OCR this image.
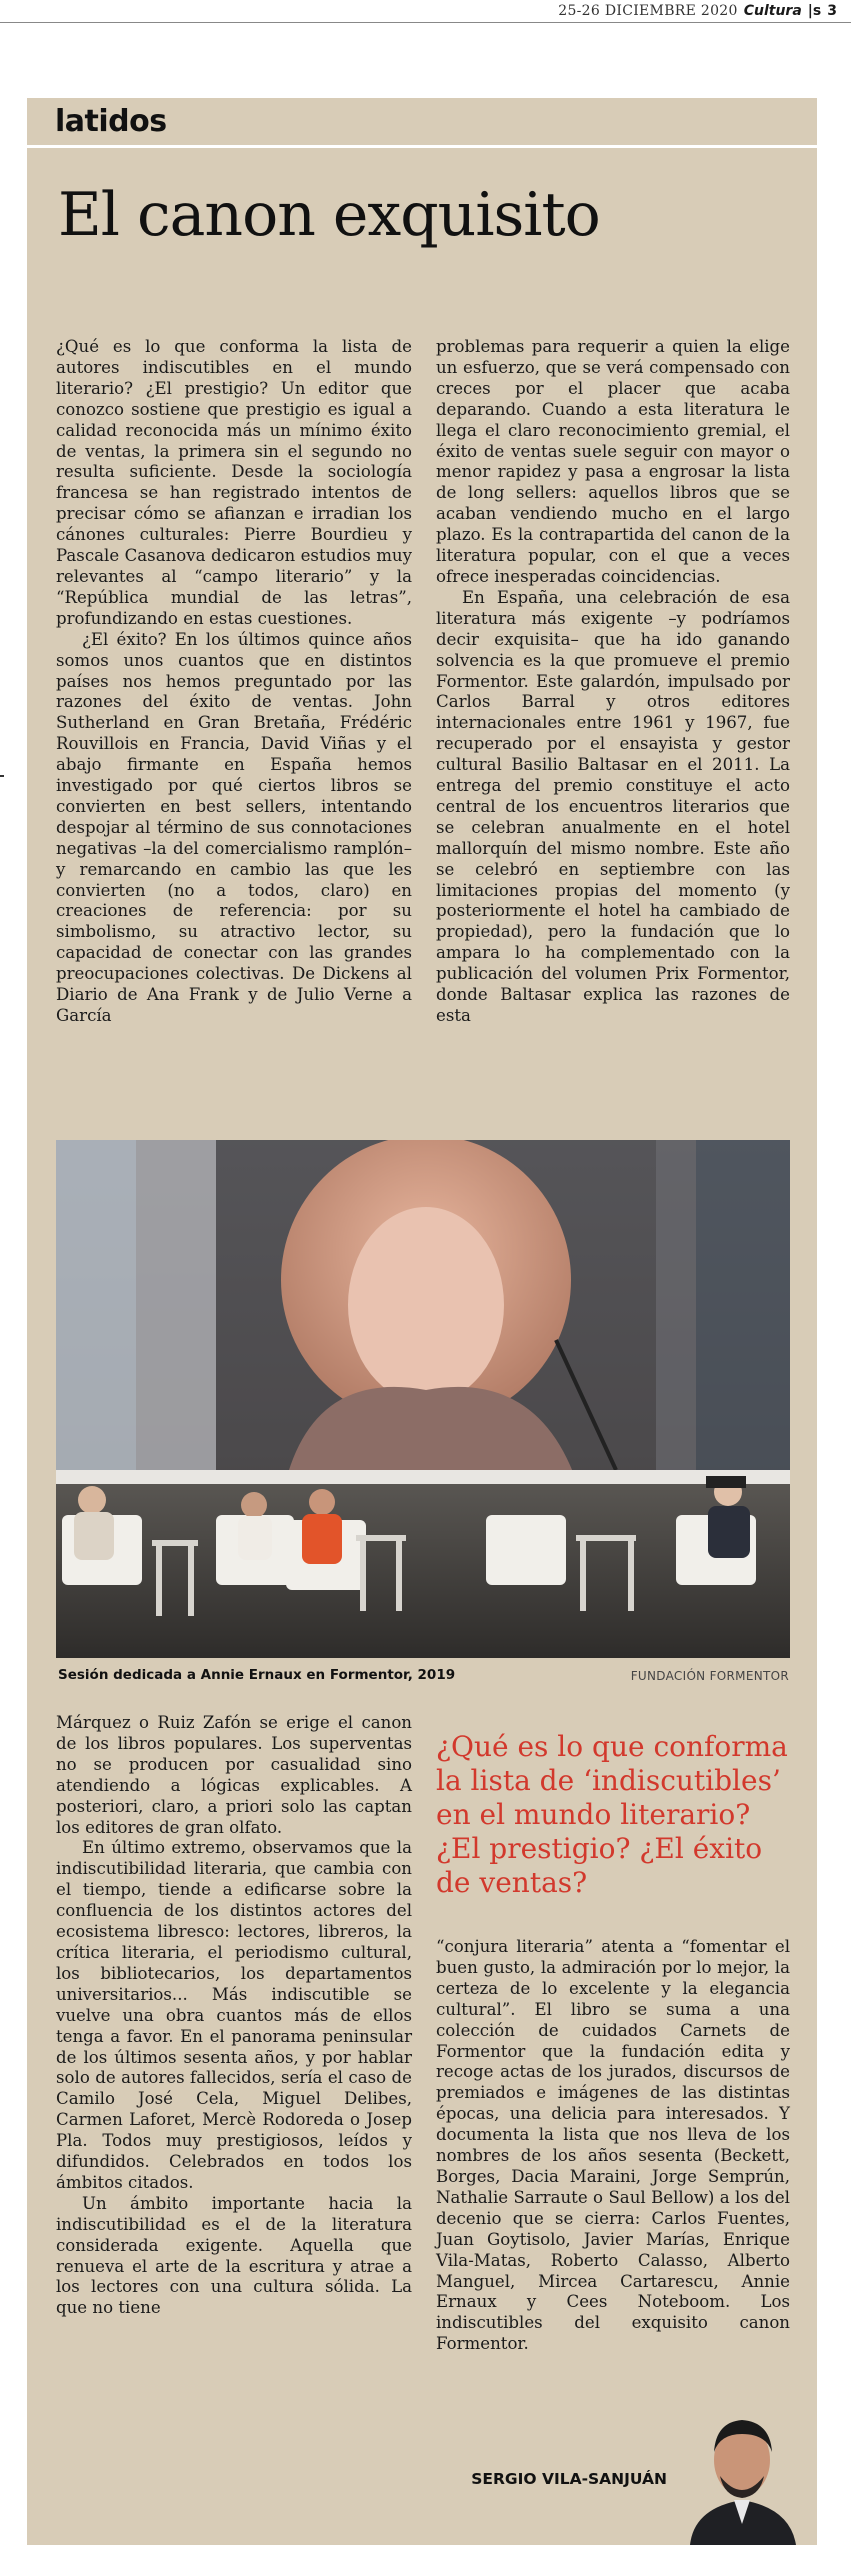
25-26 DICIEMBRE 2020 Cultura |s 3
latidos
El canon exquisito

¿Qué es lo que conforma la lista de autores indiscutibles en el mundo literario? ¿El prestigio? Un editor que conozco sostiene que prestigio es igual a calidad reconocida más un mínimo éxito de ventas, la primera sin el segundo no resulta suficiente. Desde la sociología francesa se han registrado intentos de precisar cómo se afianzan e irradian los cánones culturales: Pierre Bourdieu y Pascale Casanova dedicaron estudios muy relevantes al “campo literario” y la “República mundial de las letras”, profundizando en estas cuestiones.

¿El éxito? En los últimos quince años somos unos cuantos que en distintos países nos hemos preguntado por las razones del éxito de ventas. John Sutherland en Gran Bretaña, Frédéric Rouvillois en Francia, David Viñas y el abajo firmante en España hemos investigado por qué ciertos libros se convierten en best sellers, intentando despojar al término de sus connotaciones negativas –la del comercialismo ramplón– y remarcando en cambio las que les convierten (no a todos, claro) en creaciones de referencia: por su simbolismo, su atractivo lector, su capacidad de conectar con las grandes preocupaciones colectivas. De Dickens al Diario de Ana Frank y de Julio Verne a García

problemas para requerir a quien la elige un esfuerzo, que se verá compensado con creces por el placer que acaba deparando. Cuando a esta literatura le llega el claro reconocimiento gremial, el éxito de ventas suele seguir con mayor o menor rapidez y pasa a engrosar la lista de long sellers: aquellos libros que se acaban vendiendo mucho en el largo plazo. Es la contrapartida del canon de la literatura popular, con el que a veces ofrece inesperadas coincidencias.

En España, una celebración de esa literatura más exigente –y podríamos decir exquisita– que ha ido ganando solvencia es la que promueve el premio Formentor. Este galardón, impulsado por Carlos Barral y otros editores internacionales entre 1961 y 1967, fue recuperado por el ensayista y gestor cultural Basilio Baltasar en el 2011. La entrega del premio constituye el acto central de los encuentros literarios que se celebran anualmente en el hotel mallorquín del mismo nombre. Este año se celebró en septiembre con las limitaciones propias del momento (y posteriormente el hotel ha cambiado de propiedad), pero la fundación que lo ampara lo ha complementado con la publicación del volumen Prix Formentor, donde Baltasar explica las razones de esta

Sesión dedicada a Annie Ernaux en Formentor, 2019	FUNDACIÓN FORMENTOR

Márquez o Ruiz Zafón se erige el canon de los libros populares. Los superventas no se producen por casualidad sino atendiendo a lógicas explicables. A posteriori, claro, a priori solo las captan los editores de gran olfato.

En último extremo, observamos que la indiscutibilidad literaria, que cambia con el tiempo, tiende a edificarse sobre la confluencia de los distintos actores del ecosistema libresco: lectores, libreros, la crítica literaria, el periodismo cultural, los bibliotecarios, los departamentos universitarios... Más indiscutible se vuelve una obra cuantos más de ellos tenga a favor. En el panorama peninsular de los últimos sesenta años, y por hablar solo de autores fallecidos, sería el caso de Camilo José Cela, Miguel Delibes, Carmen Laforet, Mercè Rodoreda o Josep Pla. Todos muy prestigiosos, leídos y difundidos. Celebrados en todos los ámbitos citados.

Un ámbito importante hacia la indiscutibilidad es el de la literatura considerada exigente. Aquella que renueva el arte de la escritura y atrae a los lectores con una cultura sólida. La que no tiene

¿Qué es lo que conforma
la lista de ‘indiscutibles’
en el mundo literario?
¿El prestigio? ¿El éxito
de ventas?

“conjura literaria” atenta a “fomentar el buen gusto, la admiración por lo mejor, la certeza de lo excelente y la elegancia cultural”. El libro se suma a una colección de cuidados Carnets de Formentor que la fundación edita y recoge actas de los jurados, discursos de premiados e imágenes de las distintas épocas, una delicia para interesados. Y documenta la lista que nos lleva de los nombres de los años sesenta (Beckett, Borges, Dacia Maraini, Jorge Semprún, Nathalie Sarraute o Saul Bellow) a los del decenio que se cierra: Carlos Fuentes, Juan Goytisolo, Javier Marías, Enrique Vila-Matas, Roberto Calasso, Alberto Manguel, Mircea Cartarescu, Annie Ernaux y Cees Noteboom. Los indiscutibles del exquisito canon Formentor.

SERGIO VILA-SANJUÁN
